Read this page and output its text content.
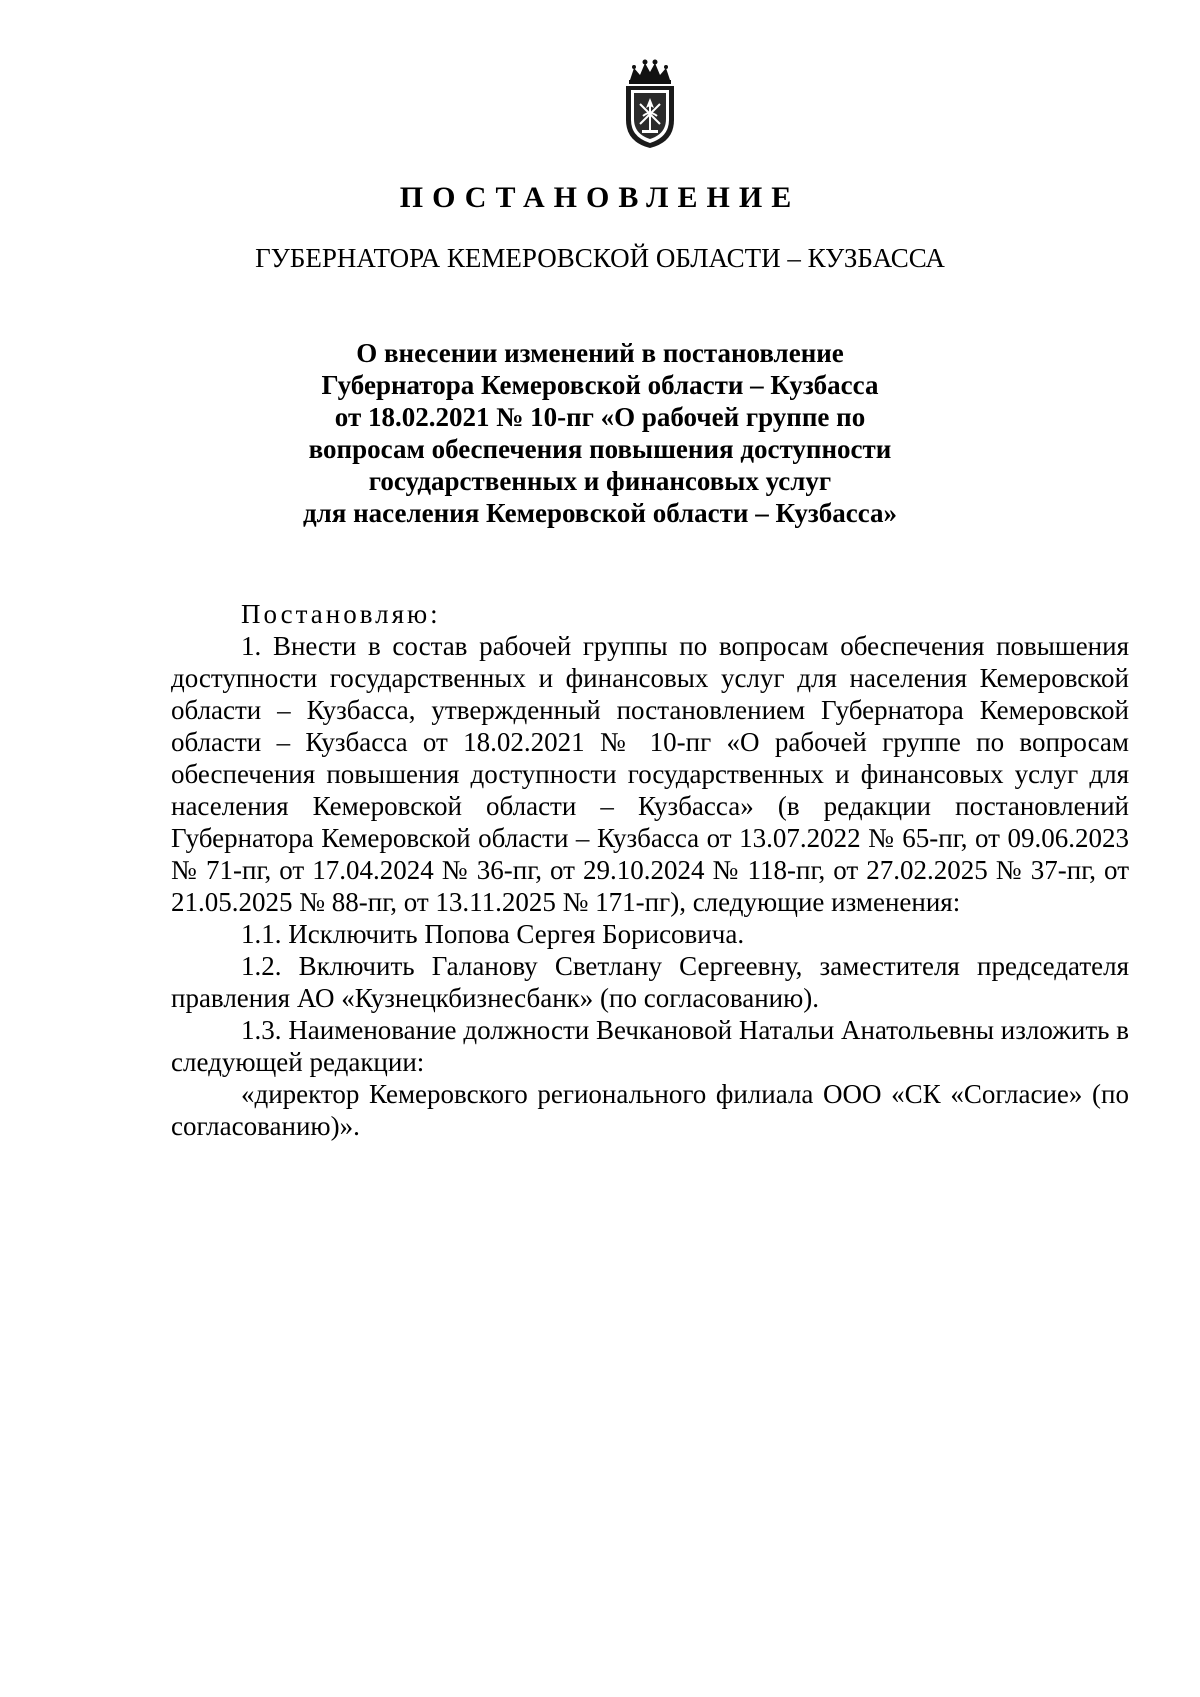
ПОСТАНОВЛЕНИЕ

ГУБЕРНАТОРА КЕМЕРОВСКОЙ ОБЛАСТИ – КУЗБАССА

О внесении изменений в постановление
Губернатора Кемеровской области – Кузбасса
от 18.02.2021 № 10-пг «О рабочей группе по
вопросам обеспечения повышения доступности
государственных и финансовых услуг
для населения Кемеровской области – Кузбасса»

Постановляю:

1. Внести в состав рабочей группы по вопросам обеспечения повышения доступности государственных и финансовых услуг для населения Кемеровской области – Кузбасса, утвержденный постановлением Губернатора Кемеровской области – Кузбасса от 18.02.2021 № 10-пг «О рабочей группе по вопросам обеспечения повышения доступности государственных и финансовых услуг для населения Кемеровской области – Кузбасса» (в редакции постановлений Губернатора Кемеровской области – Кузбасса от 13.07.2022 № 65-пг, от 09.06.2023 № 71-пг, от 17.04.2024 № 36-пг, от 29.10.2024 № 118-пг, от 27.02.2025 № 37-пг, от 21.05.2025 № 88-пг, от 13.11.2025 № 171-пг), следующие изменения:

1.1. Исключить Попова Сергея Борисовича.

1.2. Включить Галанову Светлану Сергеевну, заместителя председателя правления АО «Кузнецкбизнесбанк» (по согласованию).

1.3. Наименование должности Вечкановой Натальи Анатольевны изложить в следующей редакции:

«директор Кемеровского регионального филиала ООО «СК «Согласие» (по согласованию)».
